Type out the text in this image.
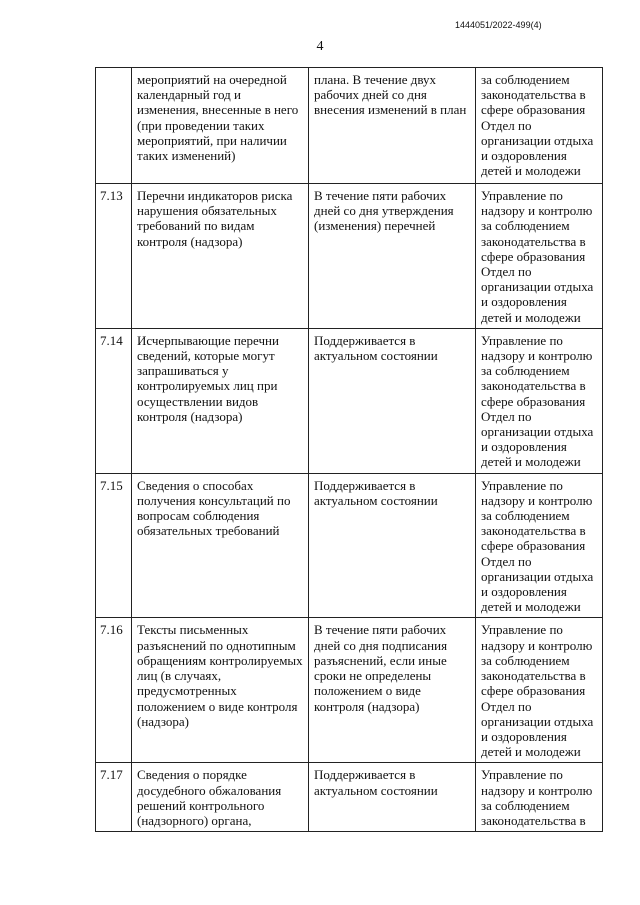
1444051/2022-499(4)
4
	мероприятий на очередной календарный год и изменения, внесенные в него (при проведении таких мероприятий, при наличии таких изменений)	плана. В течение двух рабочих дней со дня внесения изменений в план	за соблюдением законодательства в сфере образования Отдел по организации отдыха и оздоровления детей и молодежи
7.13	Перечни индикаторов риска нарушения обязательных требований по видам контроля (надзора)	В течение пяти рабочих дней со дня утверждения (изменения) перечней	Управление по надзору и контролю за соблюдением законодательства в сфере образования Отдел по организации отдыха и оздоровления детей и молодежи
7.14	Исчерпывающие перечни сведений, которые могут запрашиваться у контролируемых лиц при осуществлении видов контроля (надзора)	Поддерживается в актуальном состоянии	Управление по надзору и контролю за соблюдением законодательства в сфере образования Отдел по организации отдыха и оздоровления детей и молодежи
7.15	Сведения о способах получения консультаций по вопросам соблюдения обязательных требований	Поддерживается в актуальном состоянии	Управление по надзору и контролю за соблюдением законодательства в сфере образования Отдел по организации отдыха и оздоровления детей и молодежи
7.16	Тексты письменных разъяснений по однотипным обращениям контролируемых лиц (в случаях, предусмотренных положением о виде контроля (надзора)	В течение пяти рабочих дней со дня подписания разъяснений, если иные сроки не определены положением о виде контроля (надзора)	Управление по надзору и контролю за соблюдением законодательства в сфере образования Отдел по организации отдыха и оздоровления детей и молодежи
7.17	Сведения о порядке досудебного обжалования решений контрольного (надзорного) органа,	Поддерживается в актуальном состоянии	Управление по надзору и контролю за соблюдением законодательства в
